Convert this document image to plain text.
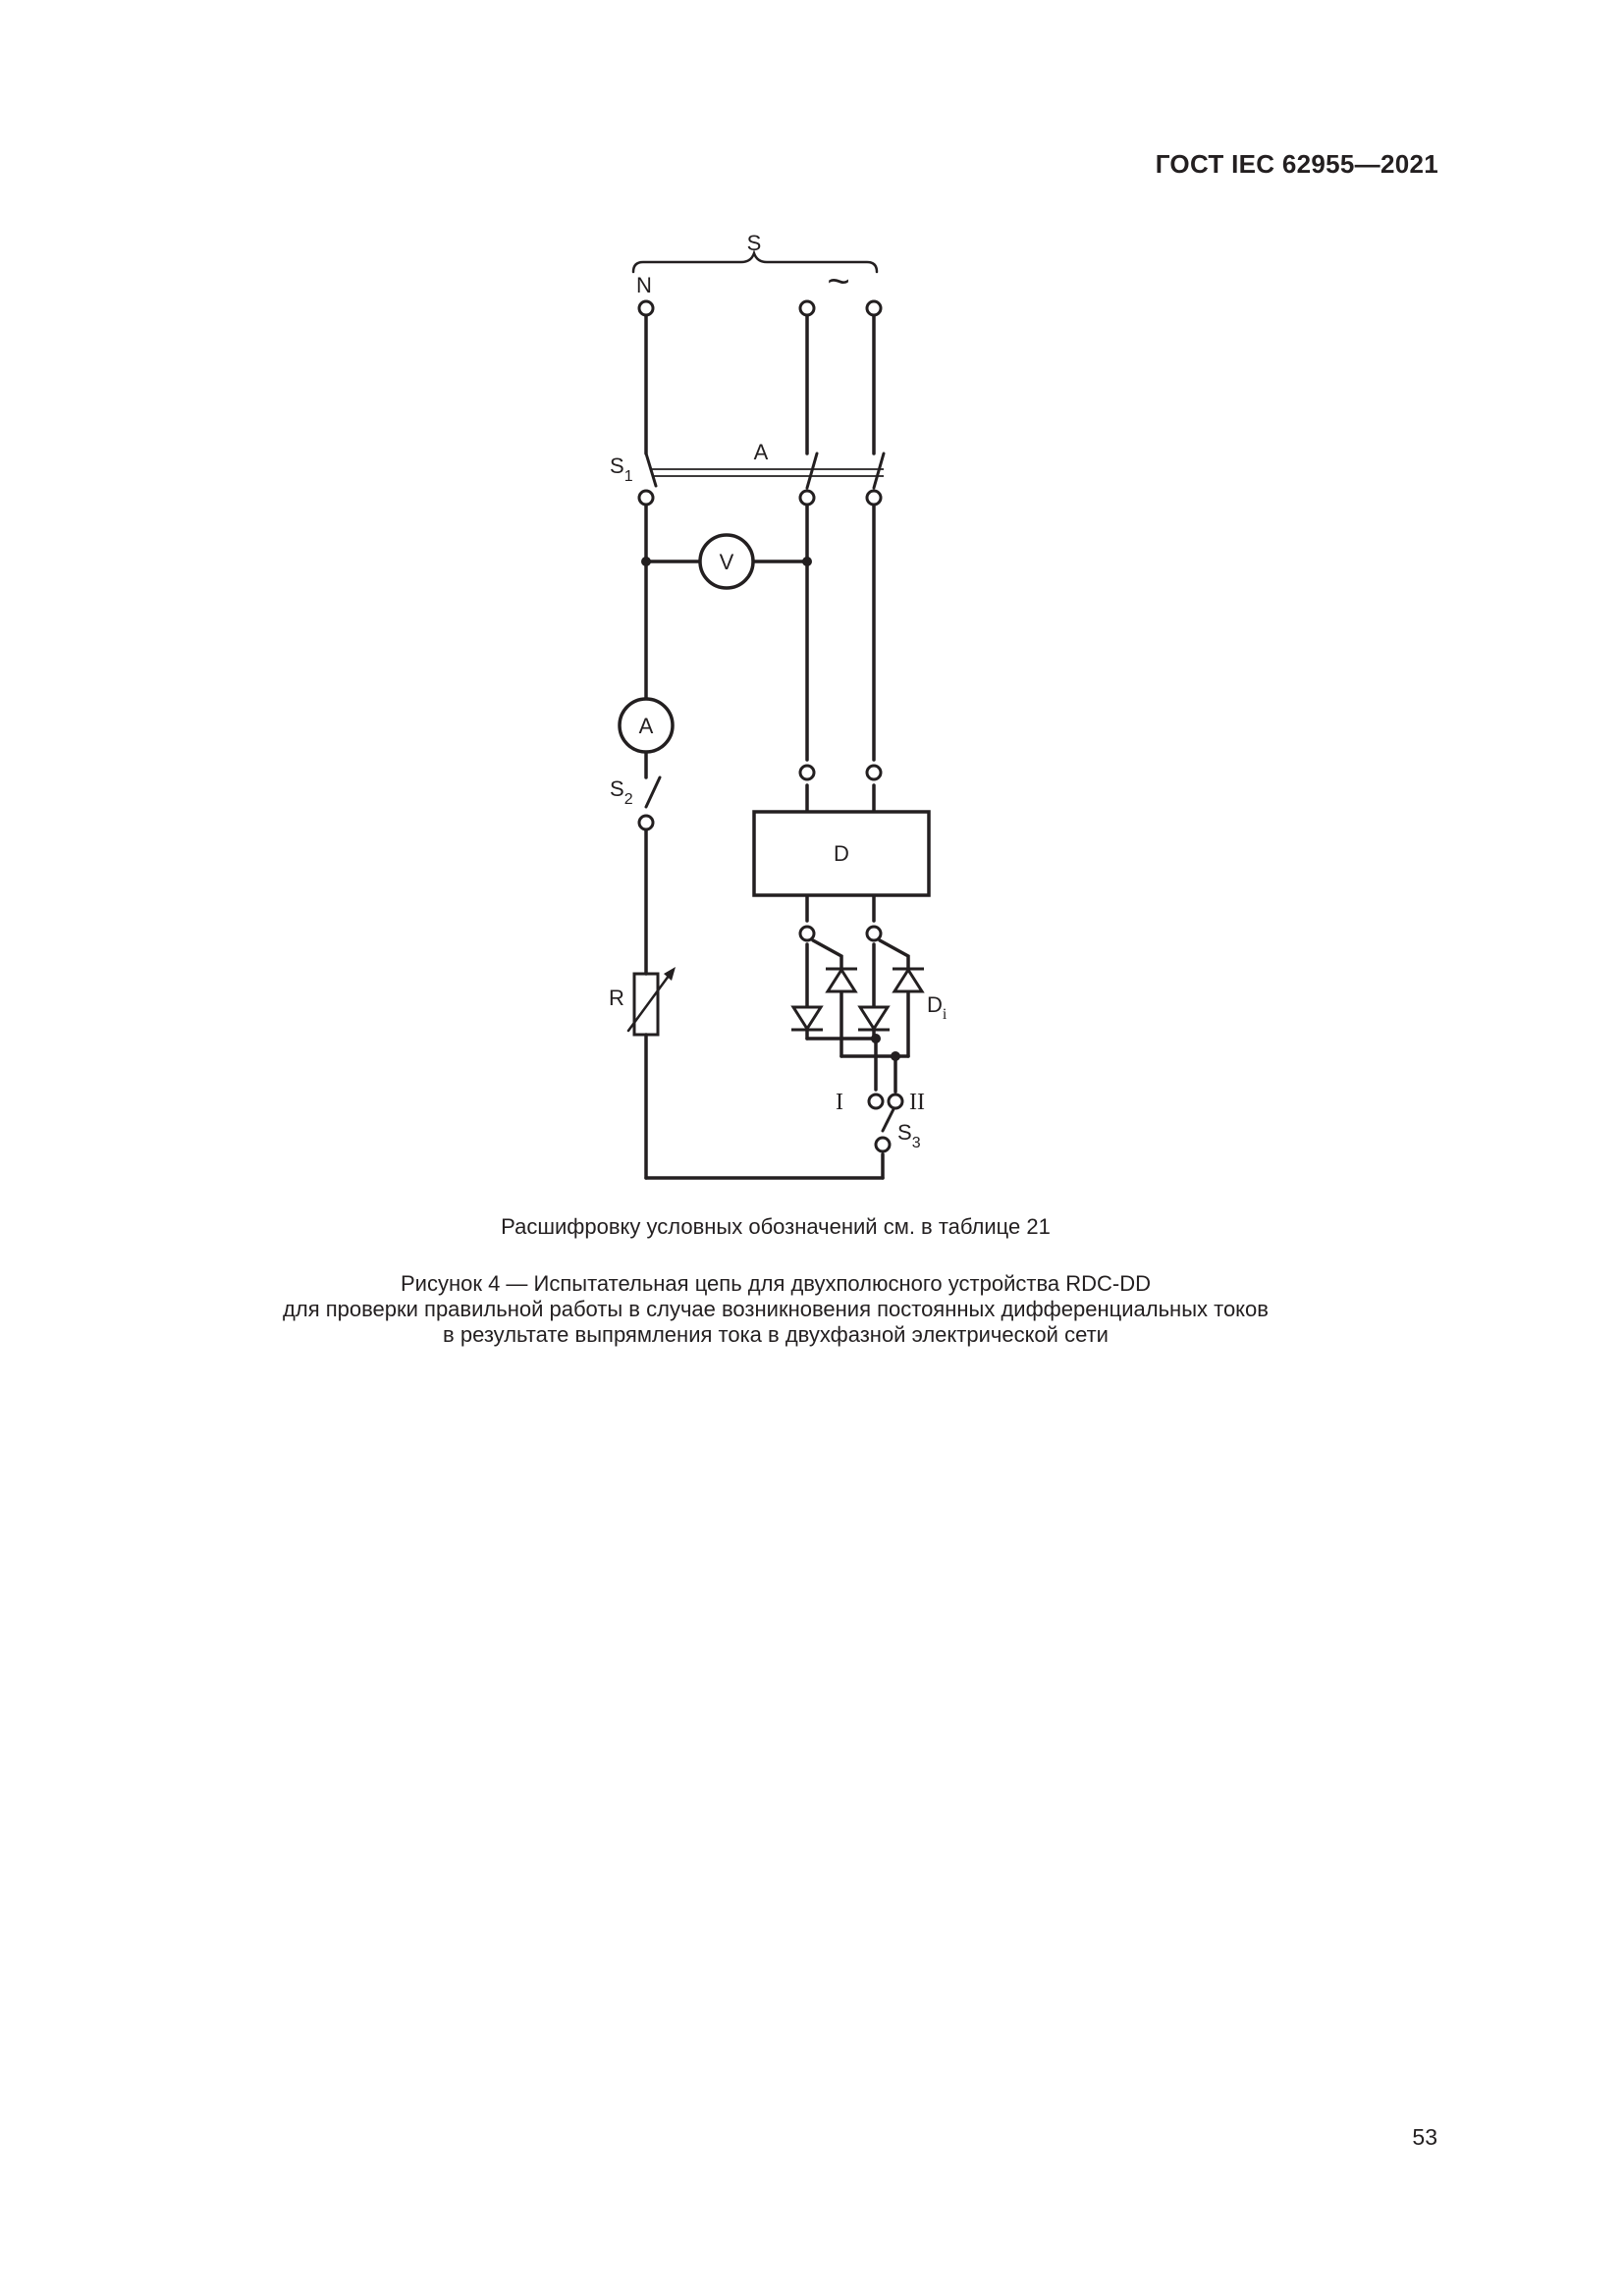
ГОСТ IEC 62955—2021
S
N	~
$S_1$
A
V
A
$S_2$
D
R	$D_i$
I	II
$S_3$
Расшифровку условных обозначений см. в таблице 21
Рисунок 4 — Испытательная цепь для двухполюсного устройства RDC-DD
для проверки правильной работы в случае возникновения постоянных дифференциальных токов
в результате выпрямления тока в двухфазной электрической сети
53
